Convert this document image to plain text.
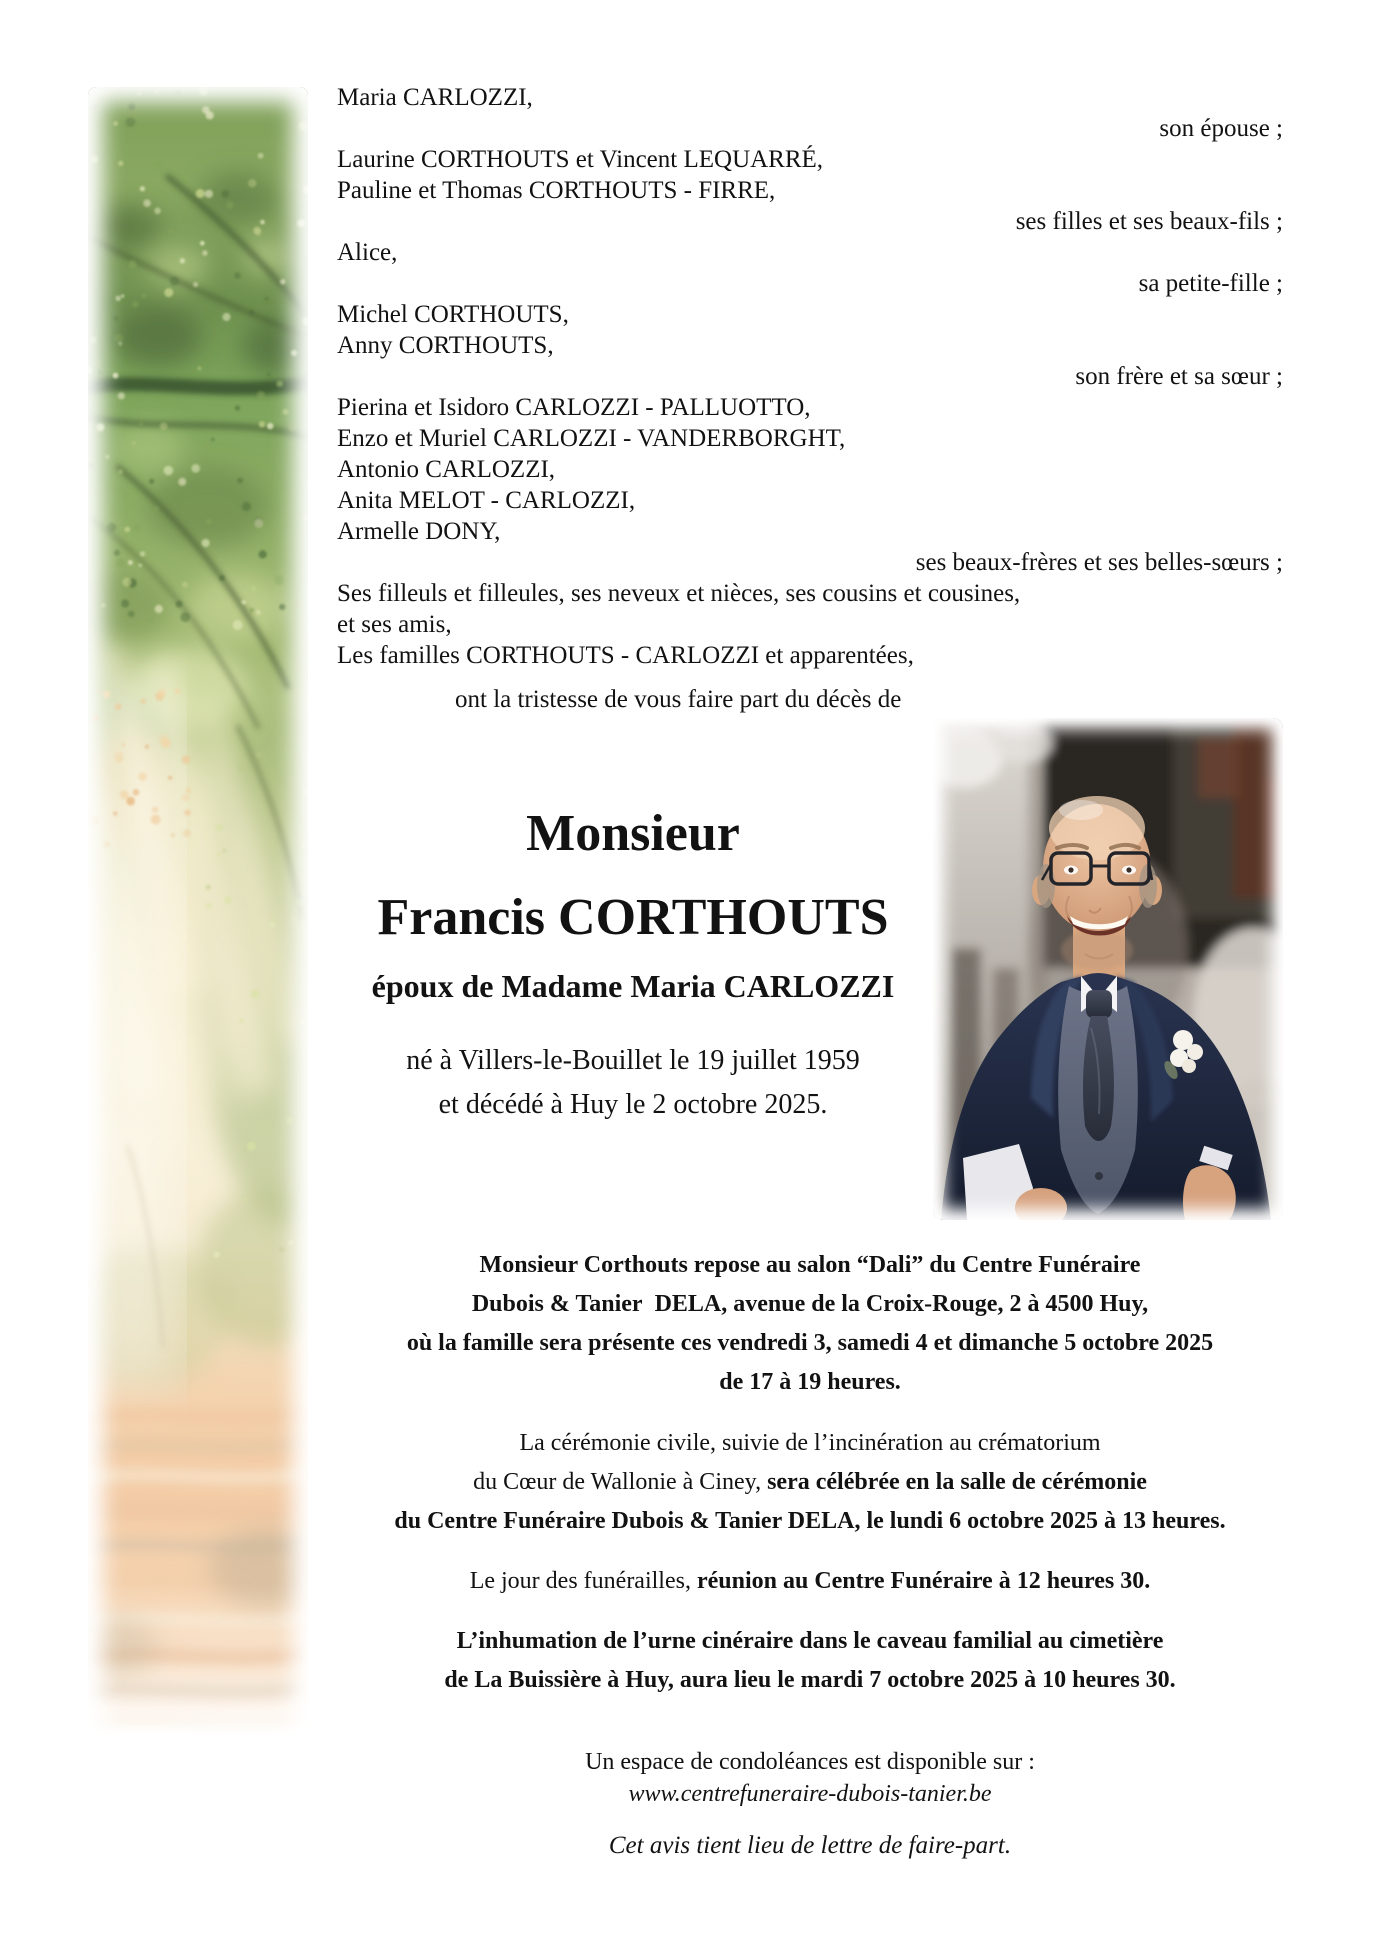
Maria CARLOZZI,
son épouse ;
Laurine CORTHOUTS et Vincent LEQUARRÉ,
Pauline et Thomas CORTHOUTS - FIRRE,
ses filles et ses beaux-fils ;
Alice,
sa petite-fille ;
Michel CORTHOUTS,
Anny CORTHOUTS,
son frère et sa sœur ;
Pierina et Isidoro CARLOZZI - PALLUOTTO,
Enzo et Muriel CARLOZZI - VANDERBORGHT,
Antonio CARLOZZI,
Anita MELOT - CARLOZZI,
Armelle DONY,
ses beaux-frères et ses belles-sœurs ;
Ses filleuls et filleules, ses neveux et nièces, ses cousins et cousines,
et ses amis,
Les familles CORTHOUTS - CARLOZZI et apparentées,
ont la tristesse de vous faire part du décès de
Monsieur
Francis CORTHOUTS
époux de Madame Maria CARLOZZI
né à Villers-le-Bouillet le 19 juillet 1959
et décédé à Huy le 2 octobre 2025.
Monsieur Corthouts repose au salon “Dali” du Centre Funéraire
Dubois & Tanier  DELA, avenue de la Croix-Rouge, 2 à 4500 Huy,
où la famille sera présente ces vendredi 3, samedi 4 et dimanche 5 octobre 2025
de 17 à 19 heures.
La cérémonie civile, suivie de l’incinération au crématorium
du Cœur de Wallonie à Ciney, sera célébrée en la salle de cérémonie
du Centre Funéraire Dubois & Tanier DELA, le lundi 6 octobre 2025 à 13 heures.
Le jour des funérailles, réunion au Centre Funéraire à 12 heures 30.
L’inhumation de l’urne cinéraire dans le caveau familial au cimetière
de La Buissière à Huy, aura lieu le mardi 7 octobre 2025 à 10 heures 30.
Un espace de condoléances est disponible sur :
www.centrefuneraire-dubois-tanier.be
Cet avis tient lieu de lettre de faire-part.
